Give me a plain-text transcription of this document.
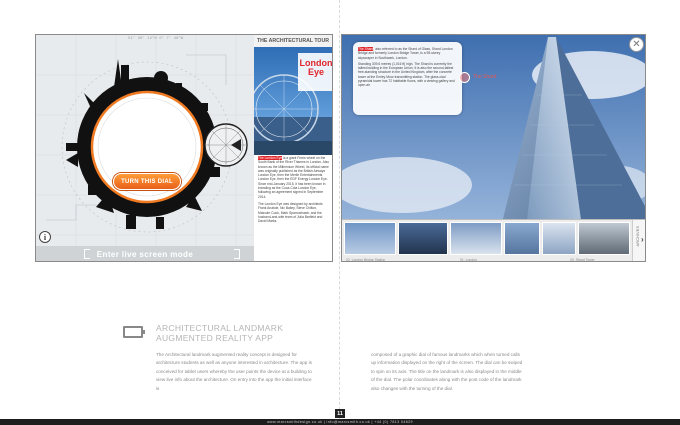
51° 30' 12"N 0° 7' 48"W
TURN THIS DIAL
i
Enter live screen mode
THE ARCHITECTURAL TOUR
London Eye

The London Eye is a giant Ferris wheel on the South Bank of the River Thames in London. Also known as the Millennium Wheel, its official name was originally published as the British Airways London Eye, then the Merlin Entertainments London Eye, then the EDF Energy London Eye. Since mid-January 2015, it has been known in branding as the Coca-Cola London Eye, following an agreement signed in September 2014.

The London Eye was designed by architects Frank Anatole, Nic Bailey, Steve Chilton, Malcolm Cook, Mark Sparrowhawk, and the husband-and-wife team of Julia Barfield and David Marks.

The Shard, also referred to as the Shard of Glass, Shard London Bridge and formerly London Bridge Tower, is a 95-storey skyscraper in Southwark, London.

Standing 309.6 metres (1,016 ft) high, The Shard is currently the tallest building in the European Union. It is also the second-tallest free-standing structure in the United Kingdom, after the concrete tower at the Emley Moor transmitting station. The glass-clad pyramidal tower has 72 habitable floors, with a viewing gallery and open-air

The Shard
✕
02. London Bridge Station	01. London	03. Shard Tower
ARCHIVES ›
ARCHITECTURAL LANDMARK
AUGMENTED REALITY APP
The Architectural landmark augmented reality concept is designed for architecture students as well as anyone interested in architecture. The app is conceived for tablet users whereby the user points the device at a building to view live info about the architecture. On entry into the app the initial interface is
composed of a graphic dial of famous landmarks which when turned calls up information displayed on the right of the screen. The dial can be swiped to spin on its axis. The title on the landmark is also displayed in the middle of the dial. The polar coordinates along with the post code of the landmark also changes with the turning of the dial.
11
www.marcsmithdesign.co.uk | info@marcsmith.co.uk | +44 (0) 7813 04629
